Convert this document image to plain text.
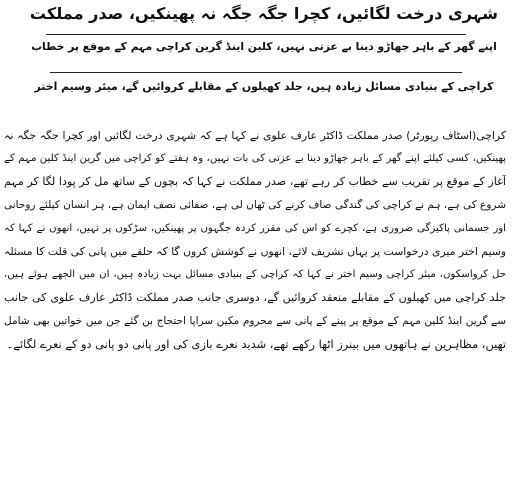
شہری درخت لگائیں، کچرا جگہ جگہ نہ پھینکیں، صدر مملکت
اپنے گھر کے باہر جھاڑو دینا بے عزتی نہیں، کلین اینڈ گرین کراچی مہم کے موقع پر خطاب
کراچی کے بنیادی مسائل زیادہ ہیں، جلد کھیلوں کے مقابلے کروائیں گے، میئر وسیم اختر
کراچی(اسٹاف رپورٹر) صدر مملکت ڈاکٹر عارف علوی نے کہا ہے کہ شہری درخت لگائیں اور کچرا جگہ جگہ نہ
پھینکیں، کسی کیلئے اپنے گھر کے باہر جھاڑو دینا بے عزتی کی بات نہیں، وہ ہفتے کو کراچی میں گرین اینڈ کلین مہم کے
آغاز کے موقع پر تقریب سے خطاب کر رہے تھے، صدر مملکت نے کہا کہ بچوں کے ساتھ مل کر پودا لگا کر مہم
شروع کی ہے، ہم نے کراچی کی گندگی صاف کرنے کی ٹھان لی ہے، صفائی نصف ایمان ہے، ہر انسان کیلئے روحانی
اور جسمانی پاکیزگی ضروری ہے، کچرے کو اس کی مقرر کردہ جگہوں پر پھینکیں، سڑکوں پر نہیں، انھوں نے کہا کہ
وسیم اختر میری درخواست پر یہاں تشریف لائے، انھوں نے کوشش کروں گا کہ حلقے میں پانی کی قلت کا مسئلہ
حل کرواسکوں، میئر کراچی وسیم اختر نے کہا کہ کراچی کے بنیادی مسائل بہت زیادہ ہیں، ان میں الجھے ہوئے ہیں،
جلد کراچی میں کھیلوں کے مقابلے منعقد کروائیں گے، دوسری جانب صدر مملکت ڈاکٹر عارف علوی کی جانب
سے گرین اینڈ کلین مہم کے موقع پر پینے کے پانی سے محروم مکین سراپا احتجاج بن گئے جن میں خواتین بھی شامل
تھیں، مظاہرین نے ہاتھوں میں بینرز اٹھا رکھے تھے، شدید نعرے بازی کی اور پانی دو پانی دو کے نعرے لگائے۔
